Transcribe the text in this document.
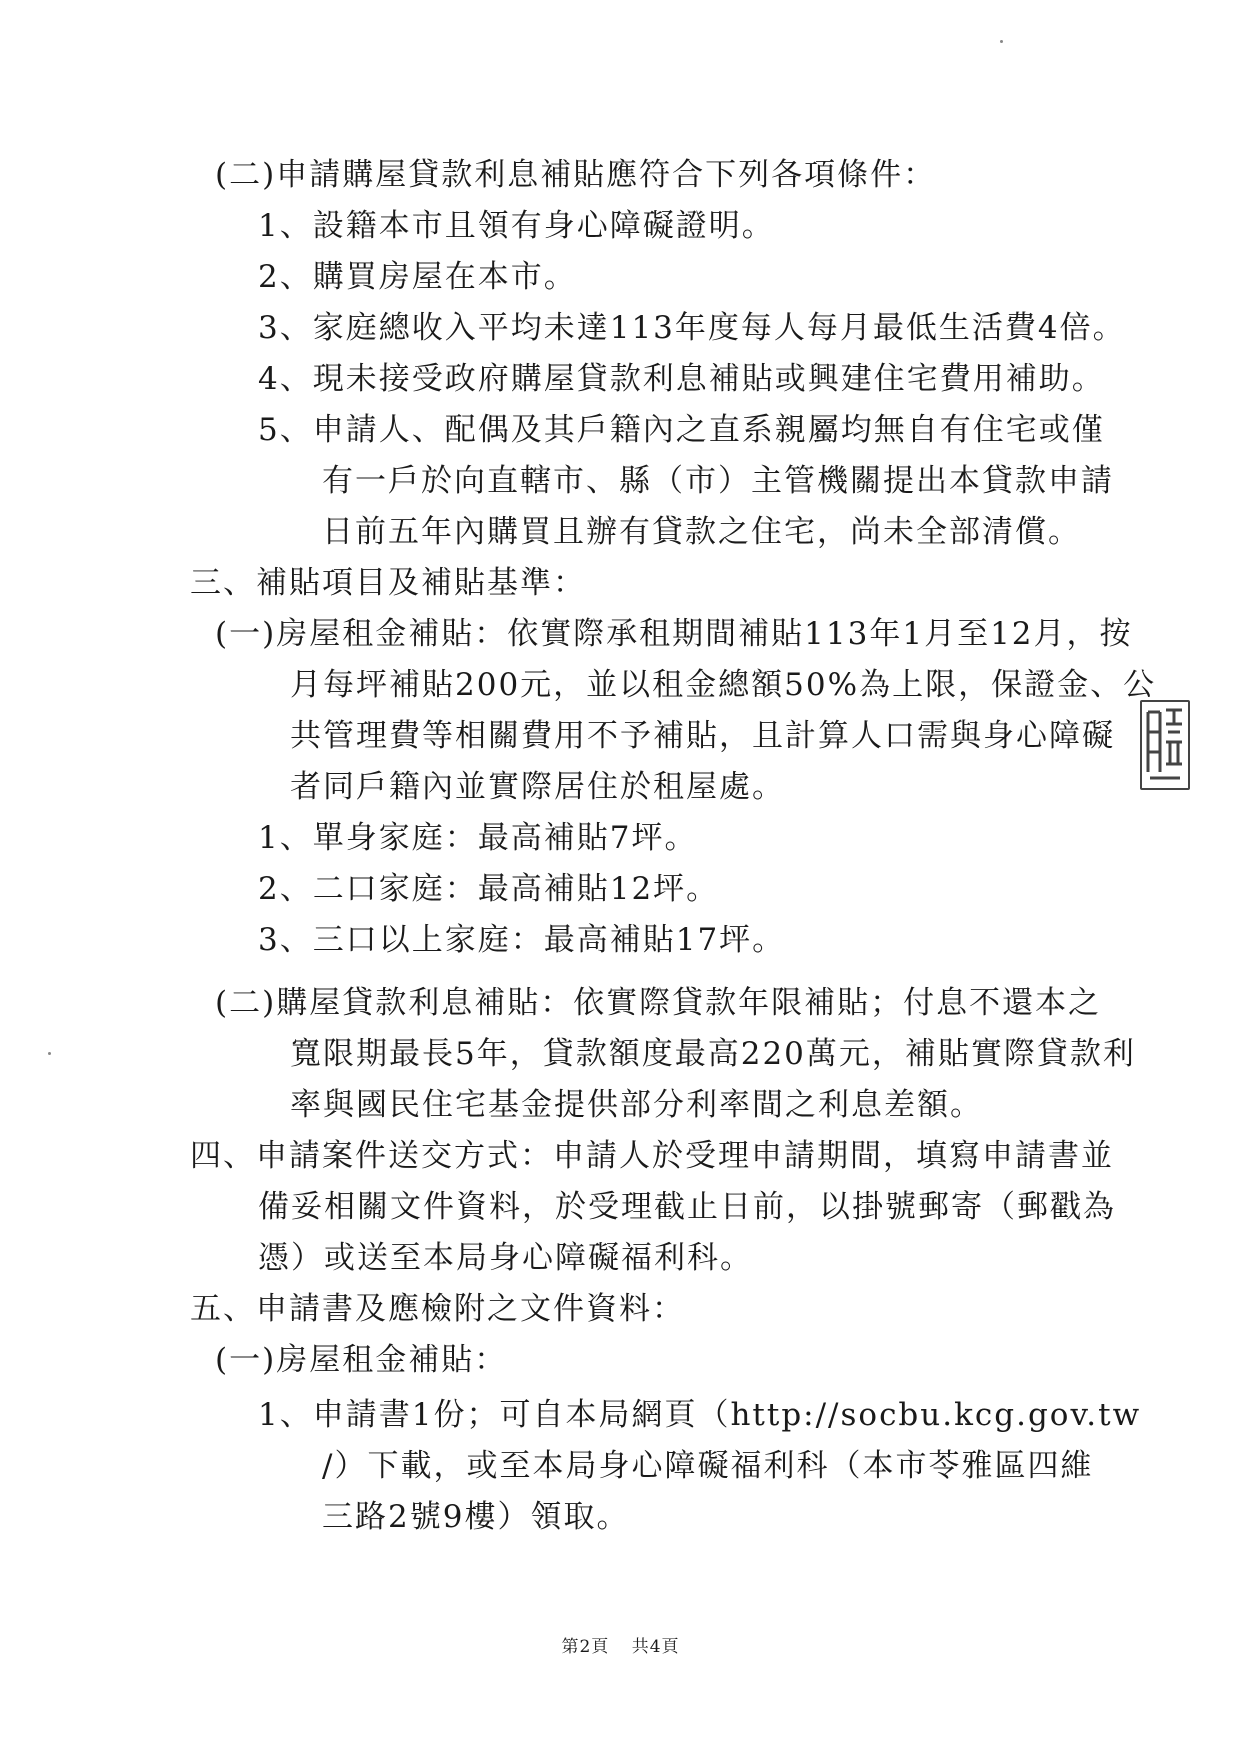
(二)申請購屋貸款利息補貼應符合下列各項條件：
1、設籍本市且領有身心障礙證明。
2、購買房屋在本市。
3、家庭總收入平均未達113年度每人每月最低生活費4倍。
4、現未接受政府購屋貸款利息補貼或興建住宅費用補助。
5、申請人、配偶及其戶籍內之直系親屬均無自有住宅或僅
有一戶於向直轄市、縣（市）主管機關提出本貸款申請
日前五年內購買且辦有貸款之住宅，尚未全部清償。
三、補貼項目及補貼基準：
(一)房屋租金補貼：依實際承租期間補貼113年1月至12月，按
月每坪補貼200元，並以租金總額50%為上限，保證金、公
共管理費等相關費用不予補貼，且計算人口需與身心障礙
者同戶籍內並實際居住於租屋處。
1、單身家庭：最高補貼7坪。
2、二口家庭：最高補貼12坪。
3、三口以上家庭：最高補貼17坪。
(二)購屋貸款利息補貼：依實際貸款年限補貼；付息不還本之
寬限期最長5年，貸款額度最高220萬元，補貼實際貸款利
率與國民住宅基金提供部分利率間之利息差額。
四、申請案件送交方式：申請人於受理申請期間，填寫申請書並
備妥相關文件資料，於受理截止日前，以掛號郵寄（郵戳為
憑）或送至本局身心障礙福利科。
五、申請書及應檢附之文件資料：
(一)房屋租金補貼：
1、申請書1份；可自本局網頁（http://socbu.kcg.gov.tw
/）下載，或至本局身心障礙福利科（本市苓雅區四維
三路2號9樓）領取。
第2頁 共4頁
